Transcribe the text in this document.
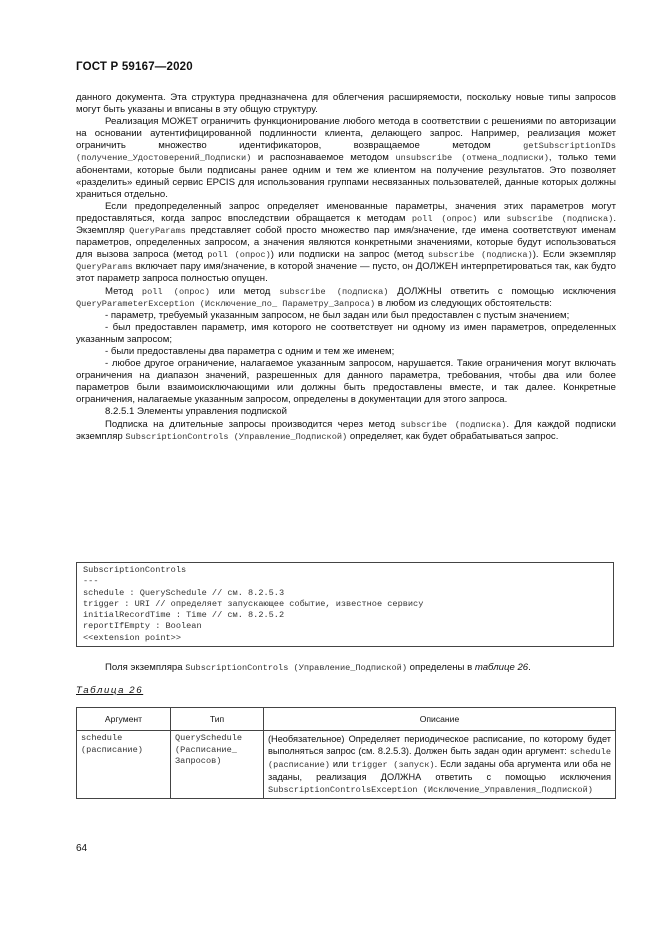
ГОСТ Р 59167—2020

данного документа. Эта структура предназначена для облегчения расширяемости, поскольку новые типы запросов могут быть указаны и вписаны в эту общую структуру.

Реализация МОЖЕТ ограничить функционирование любого метода в соответствии с решениями по авторизации на основании аутентифицированной подлинности клиента, делающего запрос. Например, реализация может ограничить множество идентификаторов, возвращаемое методом getSubscriptionIDs (получение_Удостоверений_Подписки) и распознаваемое методом unsubscribe (отмена_подписки), только теми абонентами, которые были подписаны ранее одним и тем же клиентом на получение результатов. Это позволяет «разделить» единый сервис EPCIS для использования группами несвязанных пользователей, данные которых должны храниться отдельно.

Если предопределенный запрос определяет именованные параметры, значения этих параметров могут предоставляться, когда запрос впоследствии обращается к методам poll (опрос) или subscribe (подписка). Экземпляр QueryParams представляет собой просто множество пар имя/значение, где имена соответствуют именам параметров, определенных запросом, а значения являются конкретными значениями, которые будут использоваться для вызова запроса (метод poll (опрос)) или подписки на запрос (метод subscribe (подписка)). Если экземпляр QueryParams включает пару имя/значение, в которой значение — пусто, он ДОЛЖЕН интерпретироваться так, как будто этот параметр запроса полностью опущен.

Метод poll (опрос) или метод subscribe (подписка) ДОЛЖНЫ ответить с помощью исключения QueryParameterException (Исключение_по_ Параметру_Запроса) в любом из следующих обстоятельств:

- параметр, требуемый указанным запросом, не был задан или был предоставлен с пустым значением;

- был предоставлен параметр, имя которого не соответствует ни одному из имен параметров, определенных указанным запросом;

- были предоставлены два параметра с одним и тем же именем;

- любое другое ограничение, налагаемое указанным запросом, нарушается. Такие ограничения могут включать ограничения на диапазон значений, разрешенных для данного параметра, требования, чтобы два или более параметров были взаимоисключающими или должны быть предоставлены вместе, и так далее. Конкретные ограничения, налагаемые указанным запросом, определены в документации для этого запроса.

8.2.5.1 Элементы управления подпиской

Подписка на длительные запросы производится через метод subscribe (подписка). Для каждой подписки экземпляр SubscriptionControls (Управление_Подпиской) определяет, как будет обрабатываться запрос.

SubscriptionControls
---
schedule : QuerySchedule // см. 8.2.5.3
trigger : URI // определяет запускающее событие, известное сервису
initialRecordTime : Time // см. 8.2.5.2
reportIfEmpty : Boolean
<<extension point>>
Поля экземпляра SubscriptionControls (Управление_Подпиской) определены в таблице 26.
Таблица 26
Аргумент	Тип	Описание
schedule (расписание)	QuerySchedule (Расписание_ Запросов)	(Необязательное) Определяет периодическое расписание, по которому будет выполняться запрос (см. 8.2.5.3). Должен быть задан один аргумент: schedule (расписание) или trigger (запуск). Если заданы оба аргумента или оба не заданы, реализация ДОЛЖНА ответить с помощью исключения SubscriptionControlsException (Исключение_Управления_Подпиской)
64
